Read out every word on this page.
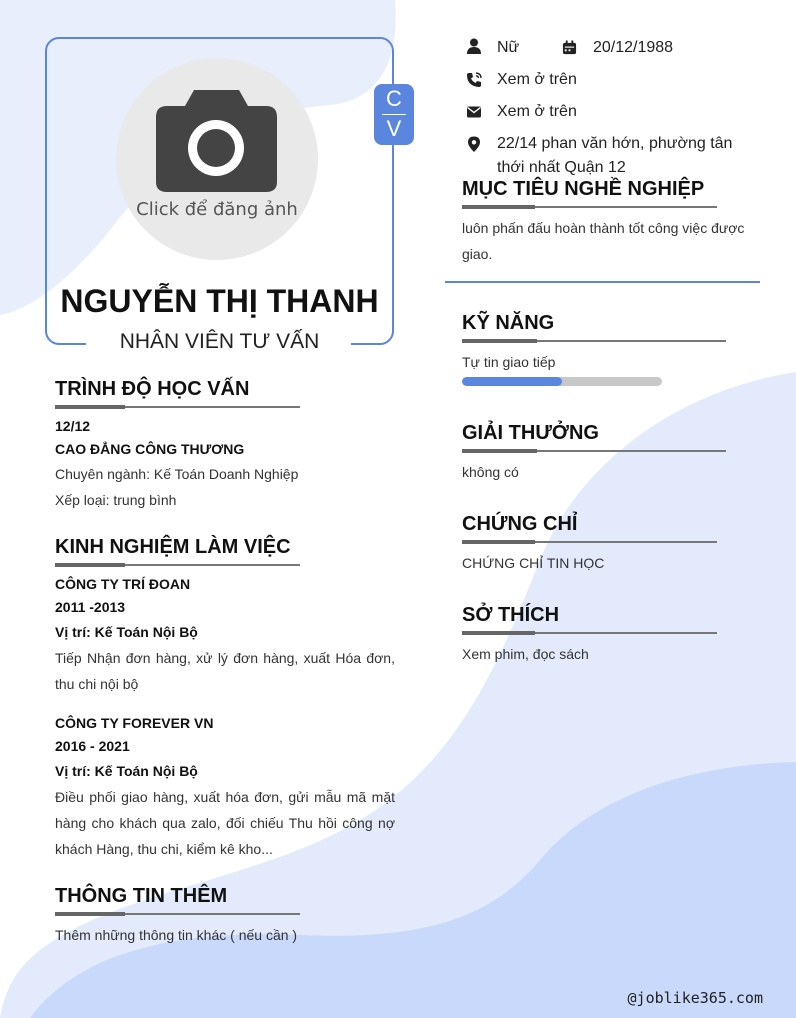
Click để đăng ảnh
C
V
NGUYỄN THỊ THANH
NHÂN VIÊN TƯ VẤN
Nữ	20/12/1988
Xem ở trên
Xem ở trên
22/14 phan văn hớn, phường tân
thới nhất Quận 12
TRÌNH ĐỘ HỌC VẤN
12/12
CAO ĐẲNG CÔNG THƯƠNG
Chuyên ngành: Kế Toán Doanh Nghiệp
Xếp loại: trung bình
KINH NGHIỆM LÀM VIỆC
CÔNG TY TRÍ ĐOAN
2011 -2013
Vị trí: Kế Toán Nội Bộ
Tiếp Nhận đơn hàng, xử lý đơn hàng, xuất Hóa đơn, thu chi nội bộ
CÔNG TY FOREVER VN
2016 - 2021
Vị trí: Kế Toán Nội Bộ
Điều phối giao hàng, xuất hóa đơn, gửi mẫu mã mặt hàng cho khách qua zalo, đối chiếu Thu hồi công nợ khách Hàng, thu chi, kiểm kê kho...
THÔNG TIN THÊM
Thêm những thông tin khác ( nếu cần )
MỤC TIÊU NGHỀ NGHIỆP
luôn phấn đấu hoàn thành tốt công việc được giao.
KỸ NĂNG
Tự tin giao tiếp
GIẢI THƯỞNG
không có
CHỨNG CHỈ
CHỨNG CHỈ TIN HỌC
SỞ THÍCH
Xem phim, đọc sách
@joblike365.com
